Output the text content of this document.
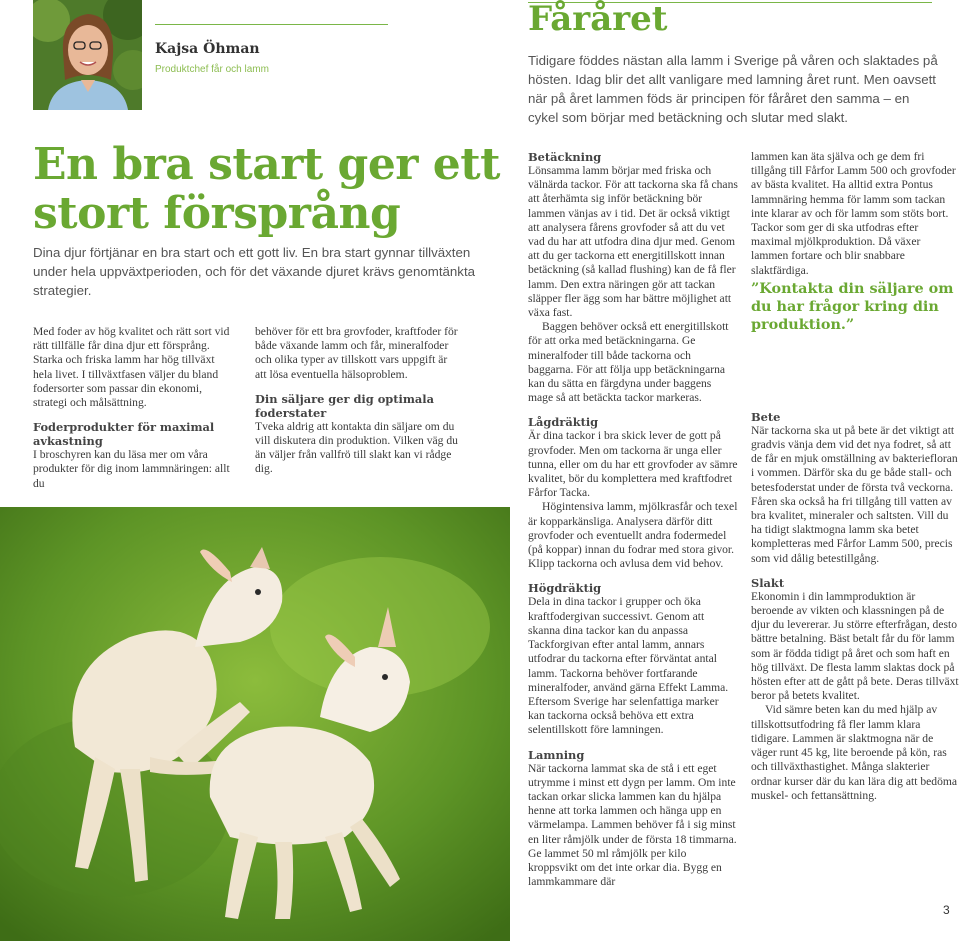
Kajsa Öhman
Produktchef får och lamm
Fåråret

Tidigare föddes nästan alla lamm i Sverige på våren och slaktades på hösten. Idag blir det allt vanligare med lamning året runt. Men oavsett när på året lammen föds är principen för fåråret den samma – en cykel som börjar med betäckning och slutar med slakt.

En bra start ger ett stort försprång

Dina djur förtjänar en bra start och ett gott liv. En bra start gynnar tillväxten under hela uppväxtperioden, och för det växande djuret krävs genomtänkta strategier.

Med foder av hög kvalitet och rätt sort vid rätt tillfälle får dina djur ett försprång. Starka och friska lamm har hög tillväxt hela livet. I tillväxtfasen väljer du bland fodersorter som passar din ekonomi, strategi och målsättning.

Foderprodukter för maximal avkastning

I broschyren kan du läsa mer om våra produkter för dig inom lammnäringen: allt du

behöver för ett bra grovfoder, kraftfoder för både växande lamm och får, mineralfoder och olika typer av tillskott vars uppgift är att lösa eventuella hälsoproblem.

Din säljare ger dig optimala foderstater

Tveka aldrig att kontakta din säljare om du vill diskutera din produktion. Vilken väg du än väljer från vallfrö till slakt kan vi rådge dig.

Betäckning

Lönsamma lamm börjar med friska och välnärda tackor. För att tackorna ska få chans att återhämta sig inför betäckning bör lammen vänjas av i tid. Det är också viktigt att analysera fårens grovfoder så att du vet vad du har att utfodra dina djur med. Genom att du ger tackorna ett energitillskott innan betäckning (så kallad flushing) kan de få fler lamm. Den extra näringen gör att tackan släpper fler ägg som har bättre möjlighet att växa fast.

Baggen behöver också ett energitillskott för att orka med betäckningarna. Ge mineralfoder till både tackorna och baggarna. För att följa upp betäckningarna kan du sätta en färgdyna under baggens mage så att betäckta tackor markeras.

Lågdräktig

Är dina tackor i bra skick lever de gott på grovfoder. Men om tackorna är unga eller tunna, eller om du har ett grovfoder av sämre kvalitet, bör du komplettera med kraftfodret Fårfor Tacka.

Högintensiva lamm, mjölkrasfår och texel är kopparkänsliga. Analysera därför ditt grovfoder och eventuellt andra fodermedel (på koppar) innan du fodrar med stora givor. Klipp tackorna och avlusa dem vid behov.

Högdräktig

Dela in dina tackor i grupper och öka kraftfodergivan successivt. Genom att skanna dina tackor kan du anpassa Tackforgivan efter antal lamm, annars utfodrar du tackorna efter förväntat antal lamm. Tackorna behöver fortfarande mineralfoder, använd gärna Effekt Lamma. Eftersom Sverige har selenfattiga marker kan tackorna också behöva ett extra selentillskott före lamningen.

Lamning

När tackorna lammat ska de stå i ett eget utrymme i minst ett dygn per lamm. Om inte tackan orkar slicka lammen kan du hjälpa henne att torka lammen och hänga upp en värmelampa. Lammen behöver få i sig minst en liter råmjölk under de första 18 timmarna. Ge lammet 50 ml råmjölk per kilo kroppsvikt om det inte orkar dia. Bygg en lammkammare där

lammen kan äta själva och ge dem fri tillgång till Fårfor Lamm 500 och grovfoder av bästa kvalitet. Ha alltid extra Pontus lammnäring hemma för lamm som tackan inte klarar av och för lamm som stöts bort. Tackor som ger di ska utfodras efter maximal mjölkproduktion. Då växer lammen fortare och blir snabbare slaktfärdiga.

Bete

När tackorna ska ut på bete är det viktigt att gradvis vänja dem vid det nya fodret, så att de får en mjuk omställning av bakteriefloran i vommen. Därför ska du ge både stall- och betesfoderstat under de första två veckorna. Fåren ska också ha fri tillgång till vatten av bra kvalitet, mineraler och saltsten. Vill du ha tidigt slaktmogna lamm ska betet kompletteras med Fårfor Lamm 500, precis som vid dålig betestillgång.

Slakt

Ekonomin i din lammproduktion är beroende av vikten och klassningen på de djur du levererar. Ju större efterfrågan, desto bättre betalning. Bäst betalt får du för lamm som är födda tidigt på året och som haft en hög tillväxt. De flesta lamm slaktas dock på hösten efter att de gått på bete. Deras tillväxt beror på betets kvalitet.

Vid sämre beten kan du med hjälp av tillskottsutfodring få fler lamm klara tidigare. Lammen är slaktmogna när de väger runt 45 kg, lite beroende på kön, ras och tillväxthastighet. Många slakterier ordnar kurser där du kan lära dig att bedöma muskel- och fettansättning.

”Kontakta din säljare om du har frågor kring din produktion.”

3
